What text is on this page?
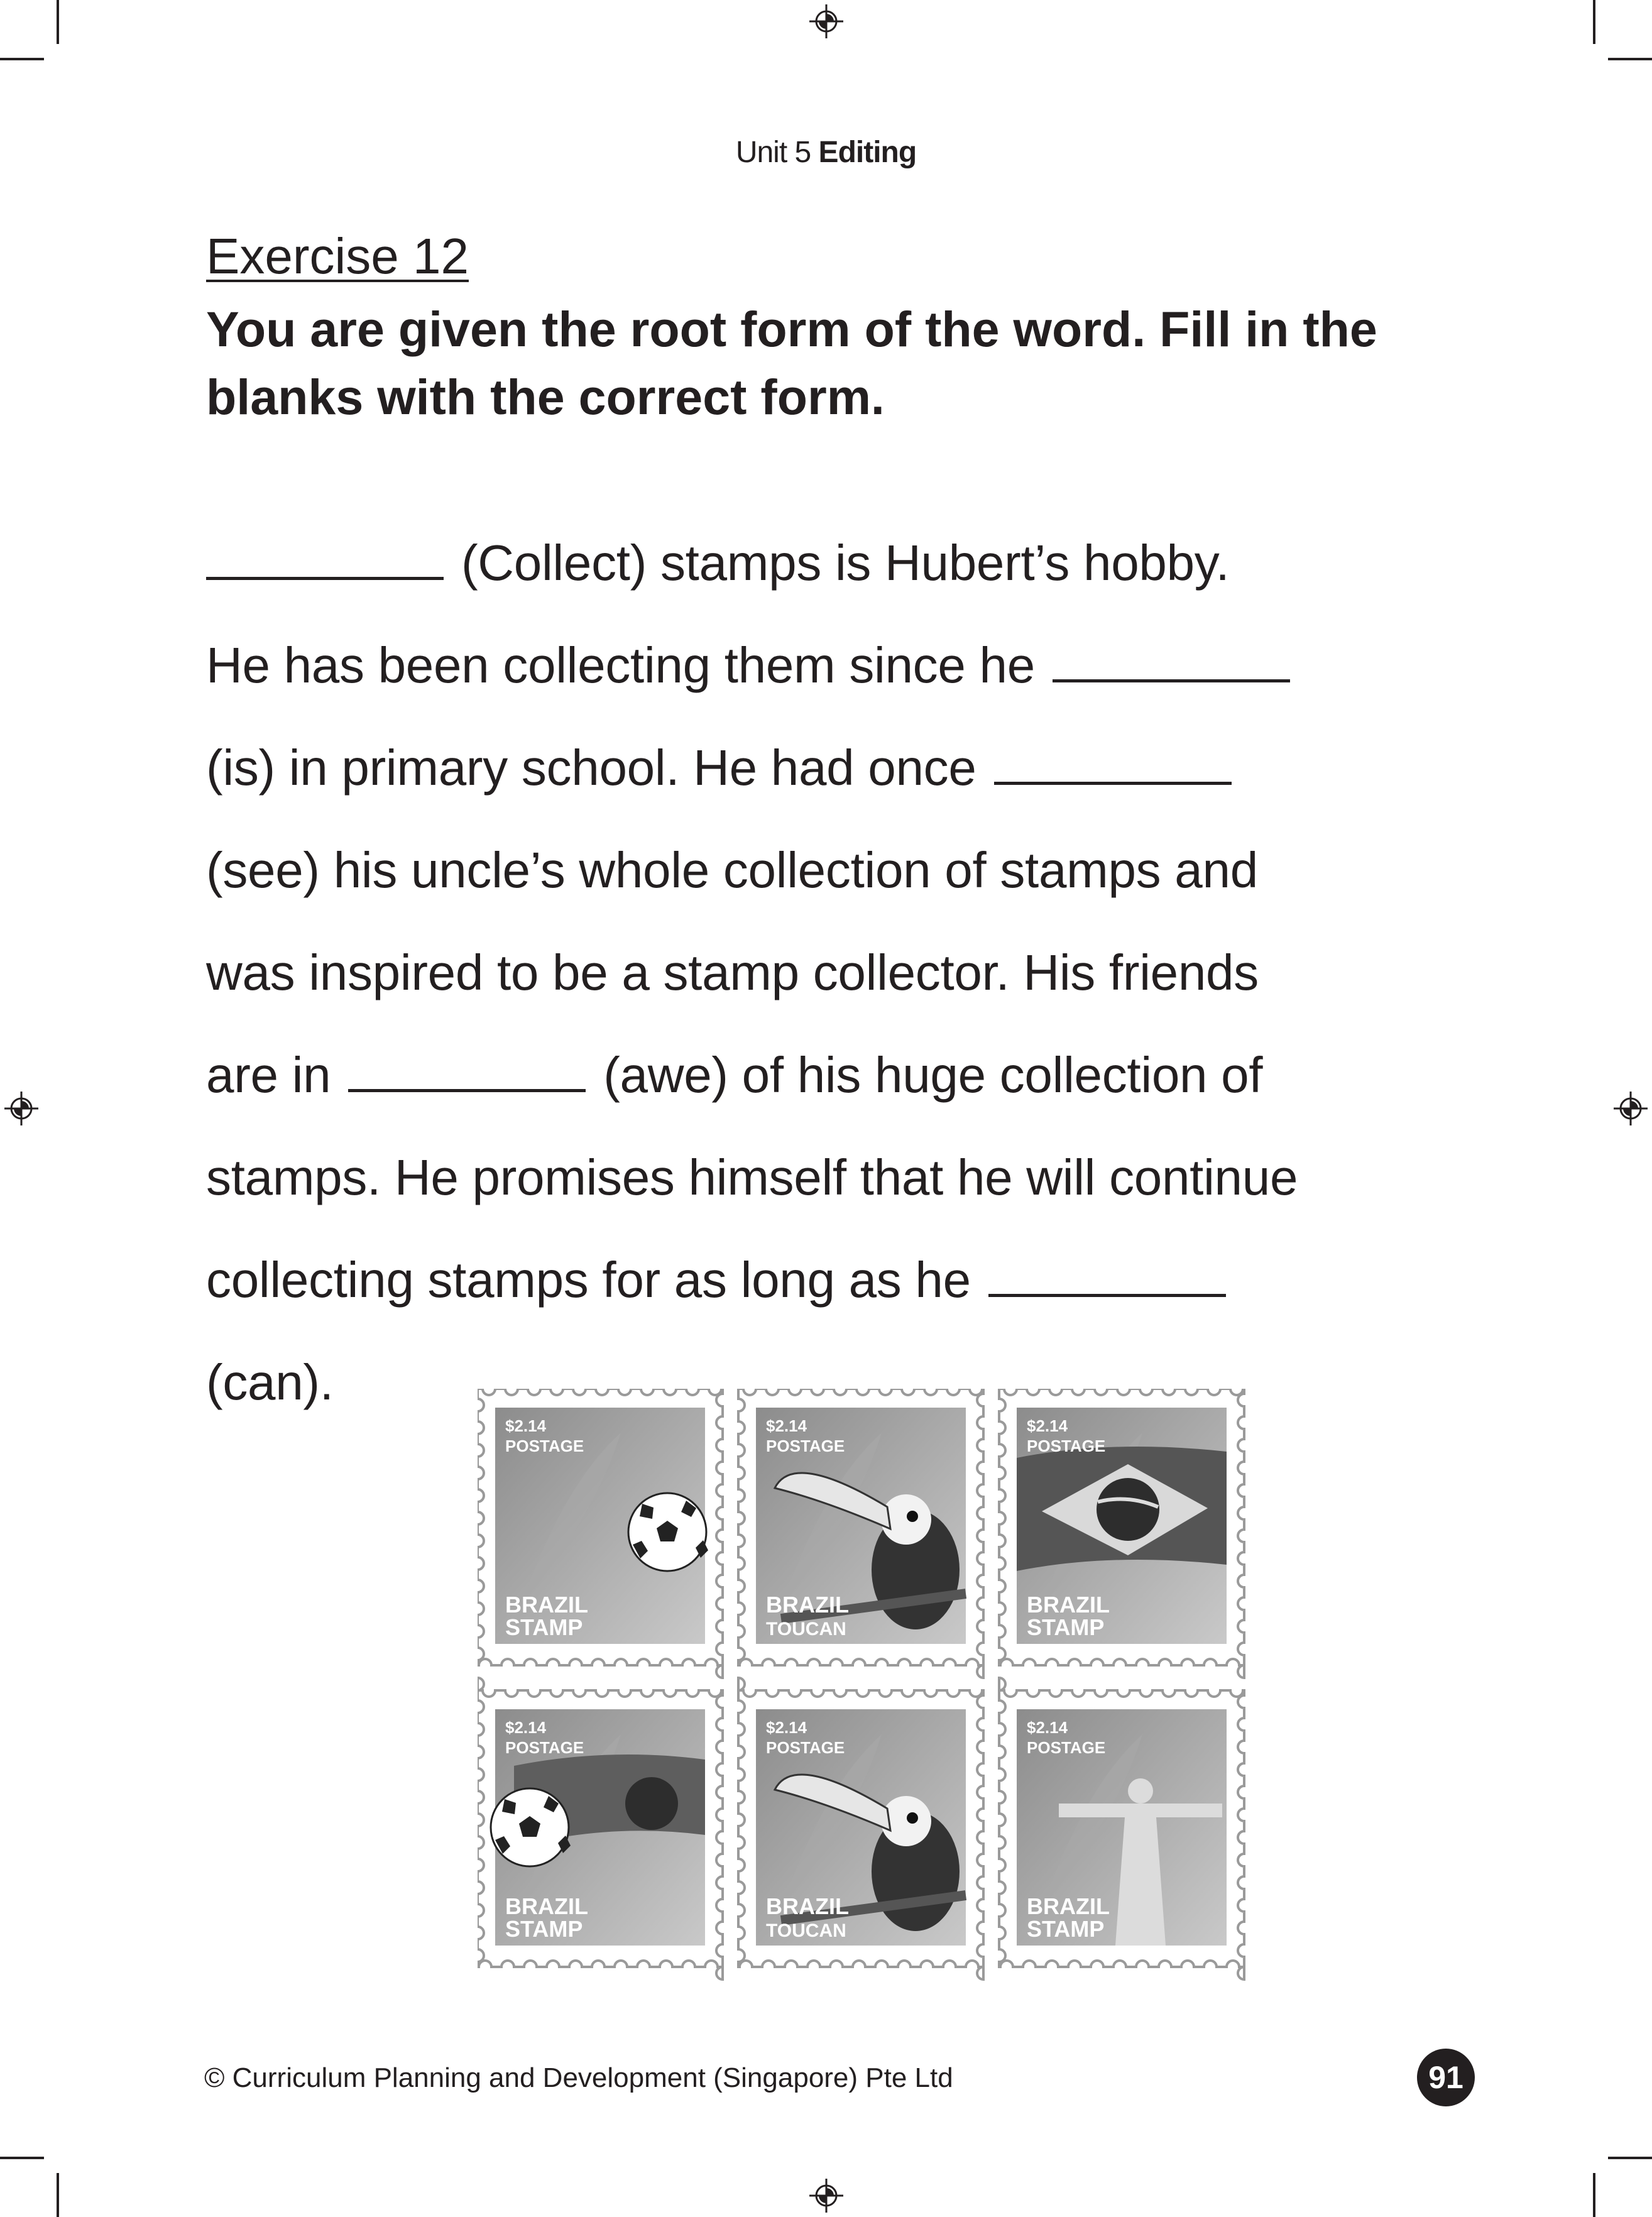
Unit 5 Editing
Exercise 12
You are given the root form of the word. Fill in the blanks with the correct form.
(Collect) stamps is Hubert’s hobby.
He has been collecting them since he
(is) in primary school. He had once
(see) his uncle’s whole collection of stamps and
was inspired to be a stamp collector. His friends
are in	(awe) of his huge collection of
stamps. He promises himself that he will continue
collecting stamps for as long as he
(can).
$2.14
POSTAGE
BRAZIL
STAMP
$2.14
POSTAGE
BRAZIL
TOUCAN
$2.14
POSTAGE
BRAZIL
STAMP
$2.14
POSTAGE
BRAZIL
STAMP
$2.14
POSTAGE
BRAZIL
TOUCAN
$2.14
POSTAGE
BRAZIL
STAMP
© Curriculum Planning and Development (Singapore) Pte Ltd	91
